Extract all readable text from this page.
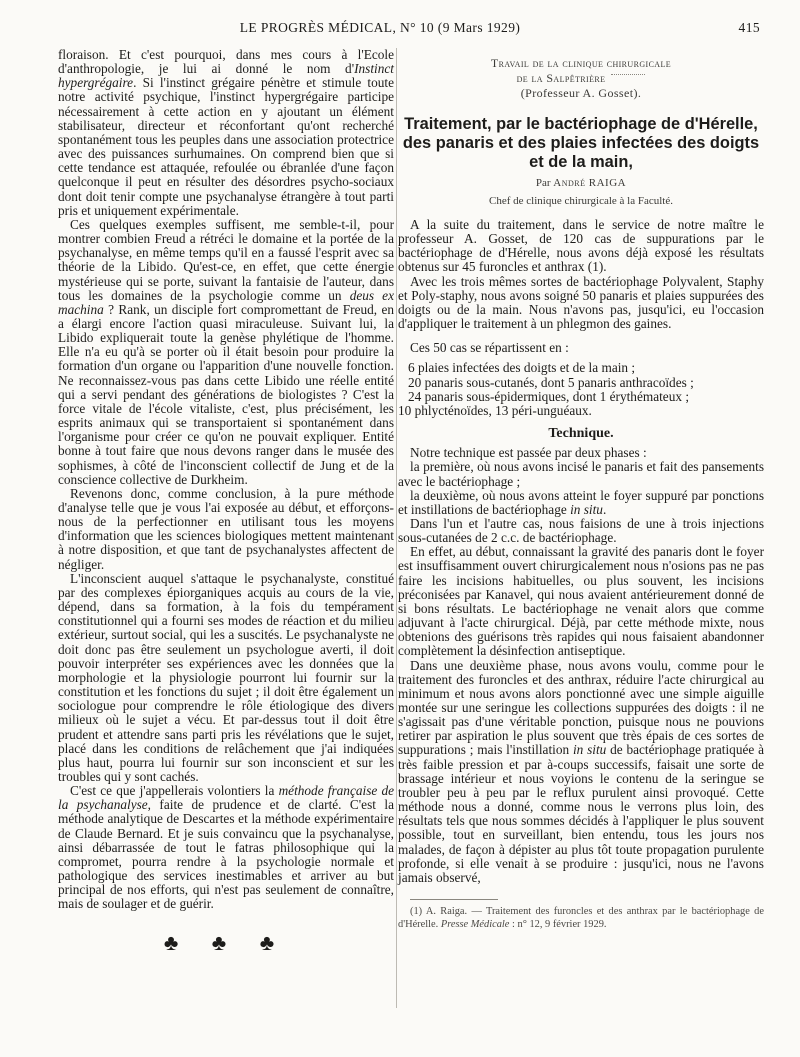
LE PROGRÈS MÉDICAL, N° 10 (9 Mars 1929)	415

floraison. Et c'est pourquoi, dans mes cours à l'Ecole d'anthropologie, je lui ai donné le nom d'Instinct hypergrégaire. Si l'instinct grégaire pénètre et stimule toute notre activité psychique, l'instinct hypergrégaire participe nécessairement à cette action en y ajoutant un élément stabilisateur, directeur et réconfortant qu'ont recherché spontanément tous les peuples dans une association protectrice avec des puissances surhumaines. On comprend bien que si cette tendance est attaquée, refoulée ou ébranlée d'une façon quelconque il peut en résulter des désordres psycho-sociaux dont doit tenir compte une psychanalyse étrangère à tout parti pris et uniquement expérimentale.

Ces quelques exemples suffisent, me semble-t-il, pour montrer combien Freud a rétréci le domaine et la portée de la psychanalyse, en même temps qu'il en a faussé l'esprit avec sa théorie de la Libido. Qu'est-ce, en effet, que cette énergie mystérieuse qui se porte, suivant la fantaisie de l'auteur, dans tous les domaines de la psychologie comme un deus ex machina ? Rank, un disciple fort compromettant de Freud, en a élargi encore l'action quasi miraculeuse. Suivant lui, la Libido expliquerait toute la genèse phylétique de l'homme. Elle n'a eu qu'à se porter où il était besoin pour produire la formation d'un organe ou l'apparition d'une nouvelle fonction. Ne reconnaissez-vous pas dans cette Libido une réelle entité qui a servi pendant des générations de biologistes ? C'est la force vitale de l'école vitaliste, c'est, plus précisément, les esprits animaux qui se transportaient si spontanément dans l'organisme pour créer ce qu'on ne pouvait expliquer. Entité bonne à tout faire que nous devons ranger dans le musée des sophismes, à côté de l'inconscient collectif de Jung et de la conscience collective de Durkheim.

Revenons donc, comme conclusion, à la pure méthode d'analyse telle que je vous l'ai exposée au début, et efforçons-nous de la perfectionner en utilisant tous les moyens d'information que les sciences biologiques mettent maintenant à notre disposition, et que tant de psychanalystes affectent de négliger.

L'inconscient auquel s'attaque le psychanalyste, constitué par des complexes épiorganiques acquis au cours de la vie, dépend, dans sa formation, à la fois du tempérament constitutionnel qui a fourni ses modes de réaction et du milieu extérieur, surtout social, qui les a suscités. Le psychanalyste ne doit donc pas être seulement un psychologue averti, il doit pouvoir interpréter ses expériences avec les données que la morphologie et la physiologie pourront lui fournir sur la constitution et les fonctions du sujet ; il doit être également un sociologue pour comprendre le rôle étiologique des divers milieux où le sujet a vécu. Et par-dessus tout il doit être prudent et attendre sans parti pris les révélations que le sujet, placé dans les conditions de relâchement que j'ai indiquées plus haut, pourra lui fournir sur son inconscient et sur les troubles qui y sont cachés.

C'est ce que j'appellerais volontiers la méthode française de la psychanalyse, faite de prudence et de clarté. C'est la méthode analytique de Descartes et la méthode expérimentaire de Claude Bernard. Et je suis convaincu que la psychanalyse, ainsi débarrassée de tout le fatras philosophique qui la compromet, pourra rendre à la psychologie normale et pathologique des services inestimables et arriver au but principal de nos efforts, qui n'est pas seulement de connaître, mais de soulager et de guérir.

♣ ♣ ♣
Travail de la clinique chirurgicale
de la Salpêtrière
(Professeur A. Gosset).
Traitement, par le bactériophage de d'Hérelle, des panaris et des plaies infectées des doigts et de la main,
Par André RAIGA
Chef de clinique chirurgicale à la Faculté.

A la suite du traitement, dans le service de notre maître le professeur A. Gosset, de 120 cas de suppurations par le bactériophage de d'Hérelle, nous avons déjà exposé les résultats obtenus sur 45 furoncles et anthrax (1).

Avec les trois mêmes sortes de bactériophage Polyvalent, Staphy et Poly-staphy, nous avons soigné 50 panaris et plaies suppurées des doigts ou de la main. Nous n'avons pas, jusqu'ici, eu l'occasion d'appliquer le traitement à un phlegmon des gaines.

Ces 50 cas se répartissent en :

6 plaies infectées des doigts et de la main ;

20 panaris sous-cutanés, dont 5 panaris anthracoïdes ;

24 panaris sous-épidermiques, dont 1 érythémateux ;

10 phlycténoïdes, 13 péri-unguéaux.

Technique.

Notre technique est passée par deux phases :

la première, où nous avons incisé le panaris et fait des pansements avec le bactériophage ;

la deuxième, où nous avons atteint le foyer suppuré par ponctions et instillations de bactériophage in situ.

Dans l'un et l'autre cas, nous faisions de une à trois injections sous-cutanées de 2 c.c. de bactériophage.

En effet, au début, connaissant la gravité des panaris dont le foyer est insuffisamment ouvert chirurgicalement nous n'osions pas ne pas faire les incisions habituelles, ou plus souvent, les incisions préconisées par Kanavel, qui nous avaient antérieurement donné de si bons résultats. Le bactériophage ne venait alors que comme adjuvant à l'acte chirurgical. Déjà, par cette méthode mixte, nous obtenions des guérisons très rapides qui nous faisaient abandonner complètement la désinfection antiseptique.

Dans une deuxième phase, nous avons voulu, comme pour le traitement des furoncles et des anthrax, réduire l'acte chirurgical au minimum et nous avons alors ponctionné avec une simple aiguille montée sur une seringue les collections suppurées des doigts : il ne s'agissait pas d'une véritable ponction, puisque nous ne pouvions retirer par aspiration le plus souvent que très épais de ces sortes de suppurations ; mais l'instillation in situ de bactériophage pratiquée à très faible pression et par à-coups successifs, faisait une sorte de brassage intérieur et nous voyions le contenu de la seringue se troubler peu à peu par le reflux purulent ainsi provoqué. Cette méthode nous a donné, comme nous le verrons plus loin, des résultats tels que nous sommes décidés à l'appliquer le plus souvent possible, tout en surveillant, bien entendu, tous les jours nos malades, de façon à dépister au plus tôt toute propagation purulente profonde, si elle venait à se produire : jusqu'ici, nous ne l'avons jamais observé,

(1) A. Raiga. — Traitement des furoncles et des anthrax par le bactériophage de d'Hérelle. Presse Médicale : n° 12, 9 février 1929.
